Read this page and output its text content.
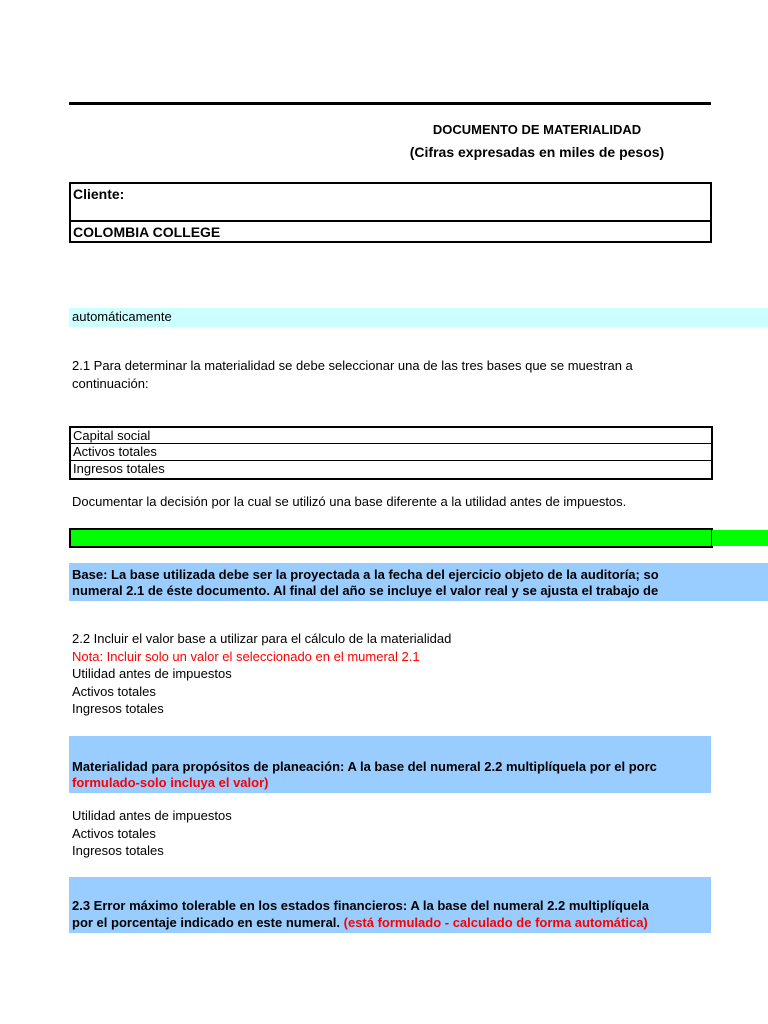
DOCUMENTO DE MATERIALIDAD
(Cifras expresadas en miles de pesos)
Cliente:
COLOMBIA COLLEGE
automáticamente
2.1 Para determinar la materialidad se debe seleccionar una de las tres bases que se muestran a
continuación:
Capital social
Activos totales
Ingresos totales
Documentar la decisión por la cual se utilizó una base diferente a la utilidad antes de impuestos.
Base: La base utilizada debe ser la proyectada a la fecha del ejercicio objeto de la auditoría; so
numeral 2.1 de éste documento. Al final del año se incluye el valor real y se ajusta el trabajo de
2.2 Incluir el valor base a utilizar para el cálculo de la materialidad
Nota: Incluir solo un valor el seleccionado en el mumeral 2.1
Utilidad antes de impuestos
Activos totales
Ingresos totales
Materialidad para propósitos de planeación: A la base del numeral 2.2 multiplíquela por el porc
formulado-solo incluya el valor)
Utilidad antes de impuestos
Activos totales
Ingresos totales
2.3 Error máximo tolerable en los estados financieros: A la base del numeral 2.2 multiplíquela
por el porcentaje indicado en este numeral. (está formulado - calculado de forma automática)
